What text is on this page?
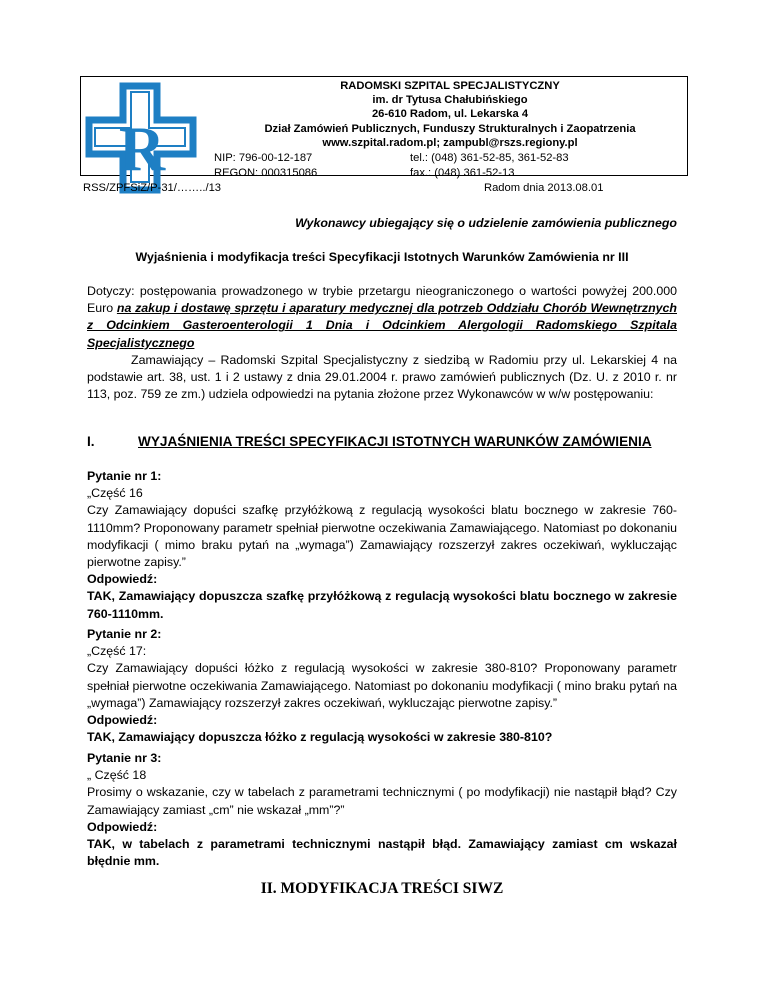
R
RADOMSKI SZPITAL SPECJALISTYCZNY
im. dr Tytusa Chałubińskiego
26-610 Radom, ul. Lekarska 4
Dział Zamówień Publicznych, Funduszy Strukturalnych i Zaopatrzenia
www.szpital.radom.pl; zampubl@rszs.regiony.pl
NIP: 796-00-12-187	tel.: (048) 361-52-85, 361-52-83
REGON: 000315086	fax.: (048) 361-52-13
RSS/ZPFSiZ/P-31/……../13	Radom dnia 2013.08.01
Wykonawcy ubiegający się o udzielenie zamówienia publicznego
Wyjaśnienia i modyfikacja treści Specyfikacji Istotnych Warunków Zamówienia nr III
Dotyczy: postępowania prowadzonego w trybie przetargu nieograniczonego o wartości powyżej 200.000 Euro na zakup i dostawę sprzętu i aparatury medycznej dla potrzeb Oddziału Chorób Wewnętrznych z Odcinkiem Gasteroenterologii 1 Dnia i Odcinkiem Alergologii Radomskiego Szpitala Specjalistycznego
Zamawiający – Radomski Szpital Specjalistyczny z siedzibą w Radomiu przy ul. Lekarskiej 4 na podstawie art. 38, ust. 1 i 2 ustawy z dnia 29.01.2004 r. prawo zamówień publicznych (Dz. U. z 2010 r. nr 113, poz. 759 ze zm.) udziela odpowiedzi na pytania złożone przez Wykonawców w w/w postępowaniu:
I.	WYJAŚNIENIA TREŚCI SPECYFIKACJI ISTOTNYCH WARUNKÓW ZAMÓWIENIA
Pytanie nr 1:
„Część 16
Czy Zamawiający dopuści szafkę przyłóżkową z regulacją wysokości blatu bocznego w zakresie 760-1110mm? Proponowany parametr spełniał pierwotne oczekiwania Zamawiającego. Natomiast po dokonaniu modyfikacji ( mimo braku pytań na „wymaga”) Zamawiający rozszerzył zakres oczekiwań, wykluczając pierwotne zapisy.”
Odpowiedź:
TAK, Zamawiający dopuszcza szafkę przyłóżkową z regulacją wysokości blatu bocznego w zakresie 760-1110mm.
Pytanie nr 2:
„Część 17:
Czy Zamawiający dopuści łóżko z regulacją wysokości w zakresie 380-810? Proponowany parametr spełniał pierwotne oczekiwania Zamawiającego. Natomiast po dokonaniu modyfikacji ( mino braku pytań na „wymaga”) Zamawiający rozszerzył zakres oczekiwań, wykluczając pierwotne zapisy.”
Odpowiedź:
TAK, Zamawiający dopuszcza łóżko z regulacją wysokości w zakresie 380-810?
Pytanie nr 3:
„ Część 18
Prosimy o wskazanie, czy w tabelach z parametrami technicznymi ( po modyfikacji) nie nastąpił błąd? Czy Zamawiający zamiast „cm” nie wskazał „mm”?”
Odpowiedź:
TAK, w tabelach z parametrami technicznymi nastąpił błąd. Zamawiający zamiast cm wskazał błędnie mm.
II. MODYFIKACJA TREŚCI SIWZ
